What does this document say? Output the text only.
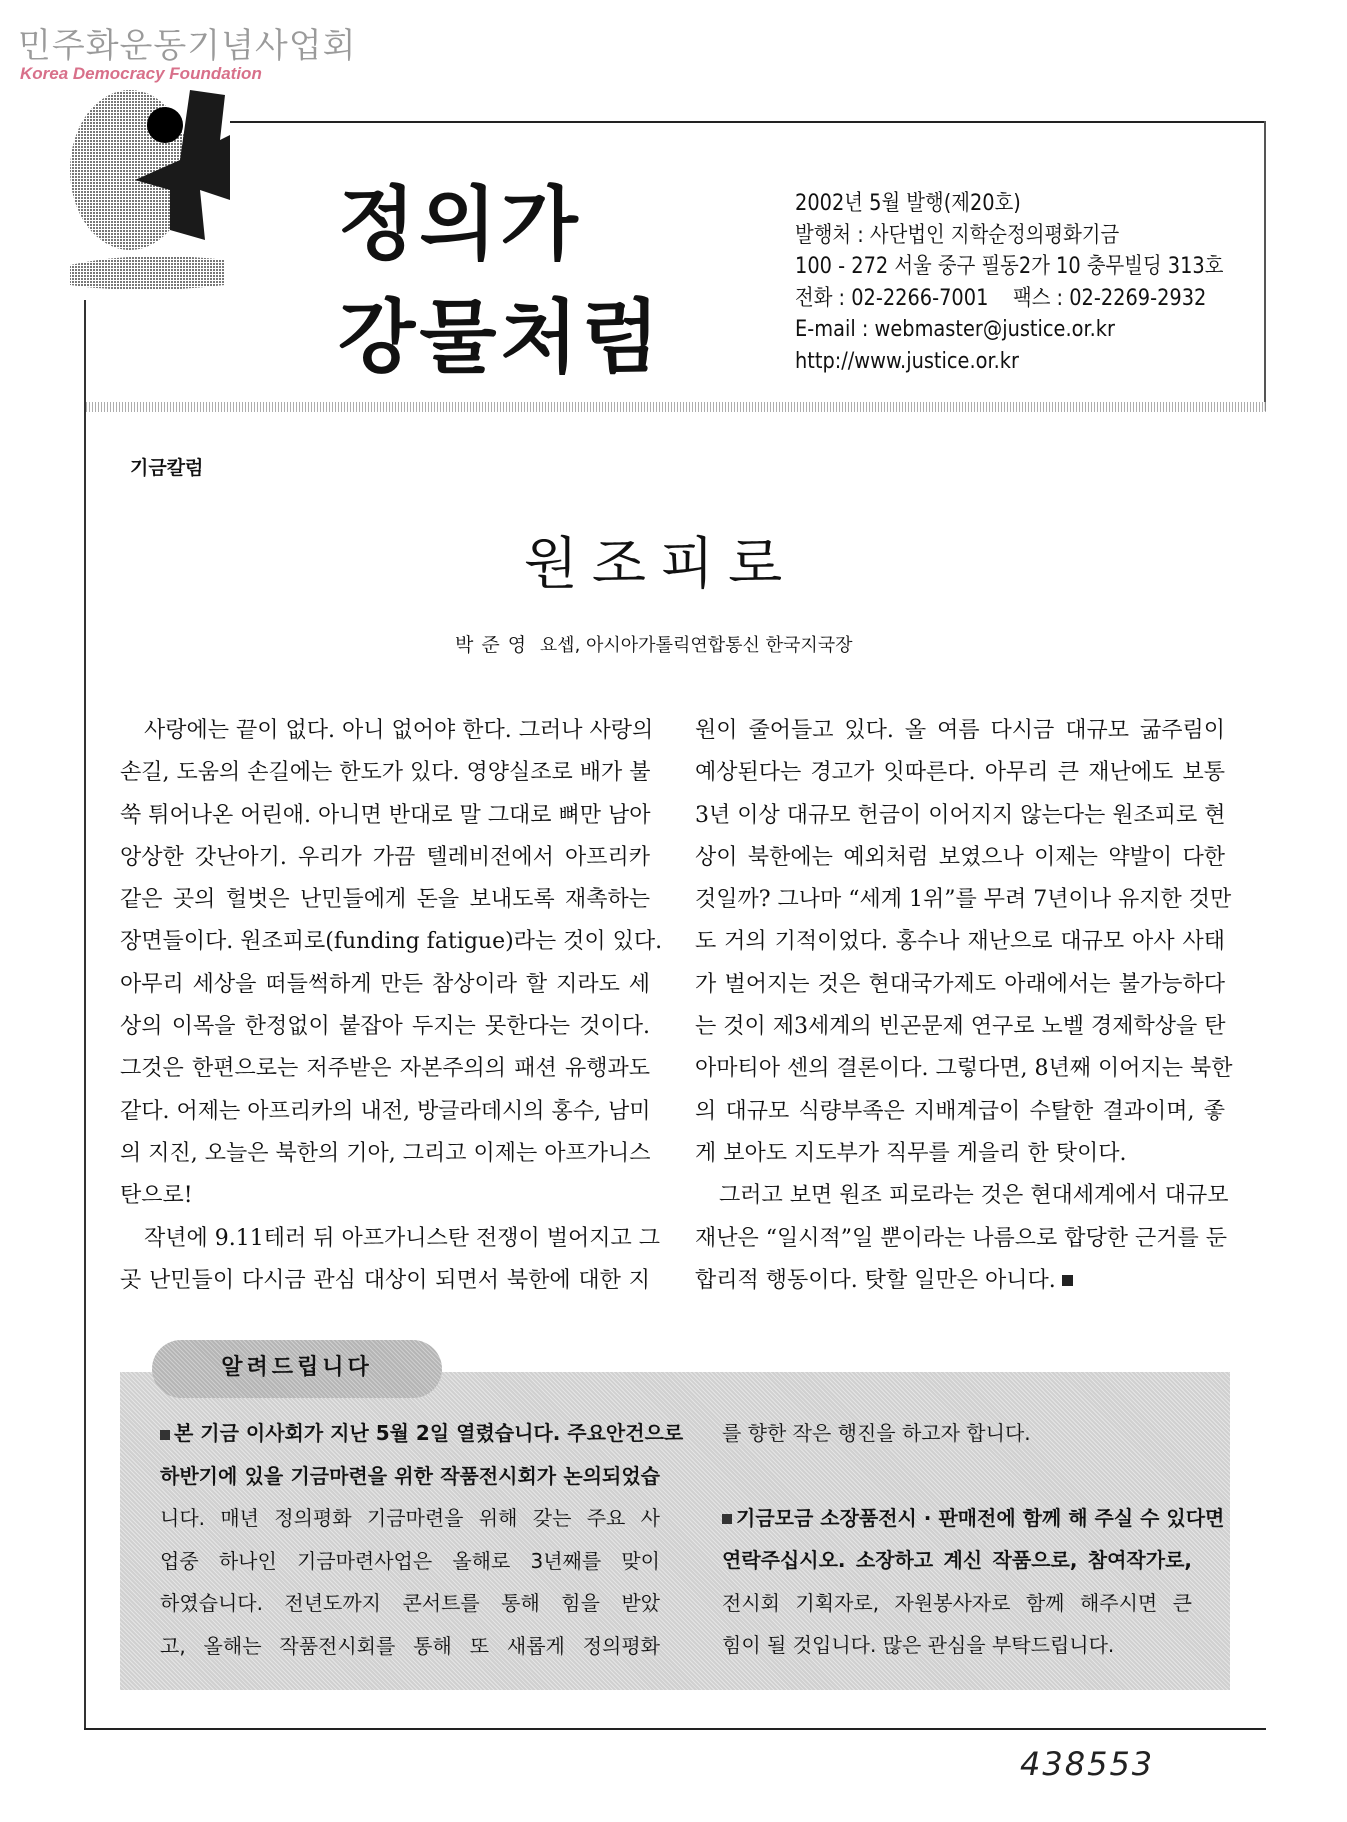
민주화운동기념사업회
Korea Democracy Foundation
정의가
강물처럼
2002년 5월 발행(제20호)
발행처 : 사단법인 지학순정의평화기금
100 - 272 서울 중구 필동2가 10 충무빌딩 313호
전화 : 02-2266-7001    팩스 : 02-2269-2932
E-mail : webmaster@justice.or.kr
http://www.justice.or.kr
기금칼럼
원조피로
박준영 요셉, 아시아가톨릭연합통신 한국지국장
사랑에는 끝이 없다. 아니 없어야 한다. 그러나 사랑의
손길, 도움의 손길에는 한도가 있다. 영양실조로 배가 불
쑥 튀어나온 어린애. 아니면 반대로 말 그대로 뼈만 남아
앙상한 갓난아기. 우리가 가끔 텔레비전에서 아프리카
같은 곳의 헐벗은 난민들에게 돈을 보내도록 재촉하는
장면들이다. 원조피로(funding fatigue)라는 것이 있다.
아무리 세상을 떠들썩하게 만든 참상이라 할 지라도 세
상의 이목을 한정없이 붙잡아 두지는 못한다는 것이다.
그것은 한편으로는 저주받은 자본주의의 패션 유행과도
같다. 어제는 아프리카의 내전, 방글라데시의 홍수, 남미
의 지진, 오늘은 북한의 기아, 그리고 이제는 아프가니스
탄으로!
작년에 9.11테러 뒤 아프가니스탄 전쟁이 벌어지고 그
곳 난민들이 다시금 관심 대상이 되면서 북한에 대한 지
원이 줄어들고 있다. 올 여름 다시금 대규모 굶주림이
예상된다는 경고가 잇따른다. 아무리 큰 재난에도 보통
3년 이상 대규모 헌금이 이어지지 않는다는 원조피로 현
상이 북한에는 예외처럼 보였으나 이제는 약발이 다한
것일까? 그나마 “세계 1위”를 무려 7년이나 유지한 것만
도 거의 기적이었다. 홍수나 재난으로 대규모 아사 사태
가 벌어지는 것은 현대국가제도 아래에서는 불가능하다
는 것이 제3세계의 빈곤문제 연구로 노벨 경제학상을 탄
아마티아 센의 결론이다. 그렇다면, 8년째 이어지는 북한
의 대규모 식량부족은 지배계급이 수탈한 결과이며, 좋
게 보아도 지도부가 직무를 게을리 한 탓이다.
그러고 보면 원조 피로라는 것은 현대세계에서 대규모
재난은 “일시적”일 뿐이라는 나름으로 합당한 근거를 둔
합리적 행동이다. 탓할 일만은 아니다.
알려드립니다
본 기금 이사회가 지난 5월 2일 열렸습니다. 주요안건으로
하반기에 있을 기금마련을 위한 작품전시회가 논의되었습
니다. 매년 정의평화 기금마련을 위해 갖는 주요 사
업중 하나인 기금마련사업은 올해로 3년째를 맞이
하였습니다. 전년도까지 콘서트를 통해 힘을 받았
고, 올해는 작품전시회를 통해 또 새롭게 정의평화
를 향한 작은 행진을 하고자 합니다.
기금모금 소장품전시 · 판매전에 함께 해 주실 수 있다면
연락주십시오. 소장하고 계신 작품으로, 참여작가로,
전시회 기획자로, 자원봉사자로 함께 해주시면 큰
힘이 될 것입니다. 많은 관심을 부탁드립니다.
438553
